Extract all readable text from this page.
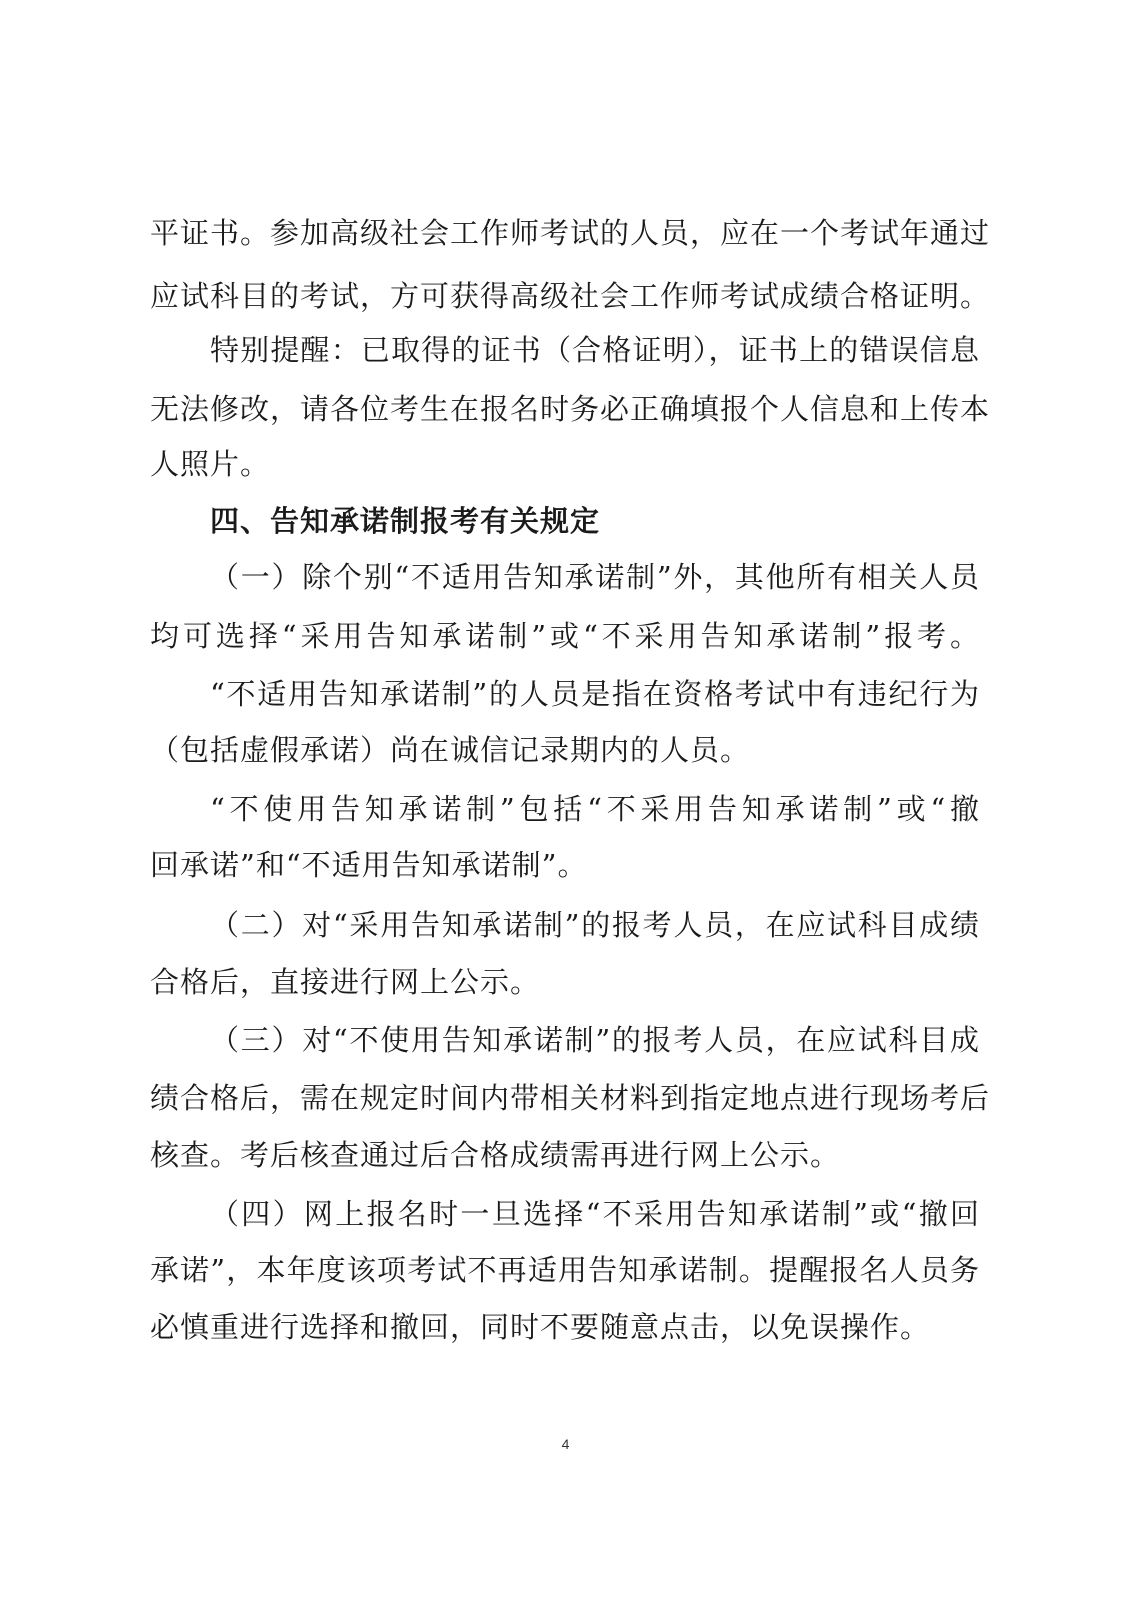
平证书。参加高级社会工作师考试的人员，应在一个考试年通过
应试科目的考试，方可获得高级社会工作师考试成绩合格证明。
特别提醒：已取得的证书（合格证明），证书上的错误信息
无法修改，请各位考生在报名时务必正确填报个人信息和上传本
人照片。
四、告知承诺制报考有关规定
（一）除个别“不适用告知承诺制”外，其他所有相关人员
均可选择“采用告知承诺制”或“不采用告知承诺制”报考。
“不适用告知承诺制”的人员是指在资格考试中有违纪行为
（包括虚假承诺）尚在诚信记录期内的人员。
“不使用告知承诺制”包括“不采用告知承诺制”或“撤
回承诺”和“不适用告知承诺制”。
（二）对“采用告知承诺制”的报考人员，在应试科目成绩
合格后，直接进行网上公示。
（三）对“不使用告知承诺制”的报考人员，在应试科目成
绩合格后，需在规定时间内带相关材料到指定地点进行现场考后
核查。考后核查通过后合格成绩需再进行网上公示。
（四）网上报名时一旦选择“不采用告知承诺制”或“撤回
承诺”，本年度该项考试不再适用告知承诺制。提醒报名人员务
必慎重进行选择和撤回，同时不要随意点击，以免误操作。
4
